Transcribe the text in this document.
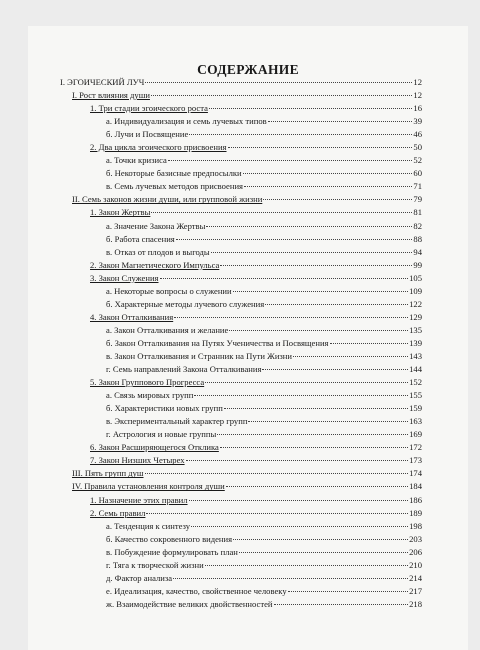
СОДЕРЖАНИЕ
I. ЭГОИЧЕСКИЙ ЛУЧ	12
I. Рост влияния души	12
1. Три стадии эгоического роста	16
а. Индивидуализация и семь лучевых типов	39
б. Лучи и Посвящение	46
2. Два цикла эгоического присвоения	50
а. Точки кризиса	52
б. Некоторые базисные предпосылки	60
в. Семь лучевых методов присвоения	71
II. Семь законов жизни души, или групповой жизни	79
1. Закон Жертвы	81
а. Значение Закона Жертвы	82
б. Работа спасения	88
в. Отказ от плодов и выгоды	94
2. Закон Магнетического Импульса	99
3. Закон Служения	105
а. Некоторые вопросы о служении	109
б. Характерные методы лучевого служения	122
4. Закон Отталкивания	129
а. Закон Отталкивания и желание	135
б. Закон Отталкивания на Путях Ученичества и Посвящения	139
в. Закон Отталкивания и Странник на Пути Жизни	143
г. Семь направлений Закона Отталкивания	144
5. Закон Группового Прогресса	152
а. Связь мировых групп	155
б. Характеристики новых групп	159
в. Экспериментальный характер групп	163
г. Астрология и новые группы	169
6. Закон Расширяющегося Отклика	172
7. Закон Низших Четырех	173
III. Пять групп душ	174
IV. Правила установления контроля души	184
1. Назначение этих правил	186
2. Семь правил	189
а. Тенденция к синтезу	198
б. Качество сокровенного видения	203
в. Побуждение формулировать план	206
г. Тяга к творческой жизни	210
д. Фактор анализа	214
е. Идеализация, качество, свойственное человеку	217
ж. Взаимодействие великих двойственностей	218
